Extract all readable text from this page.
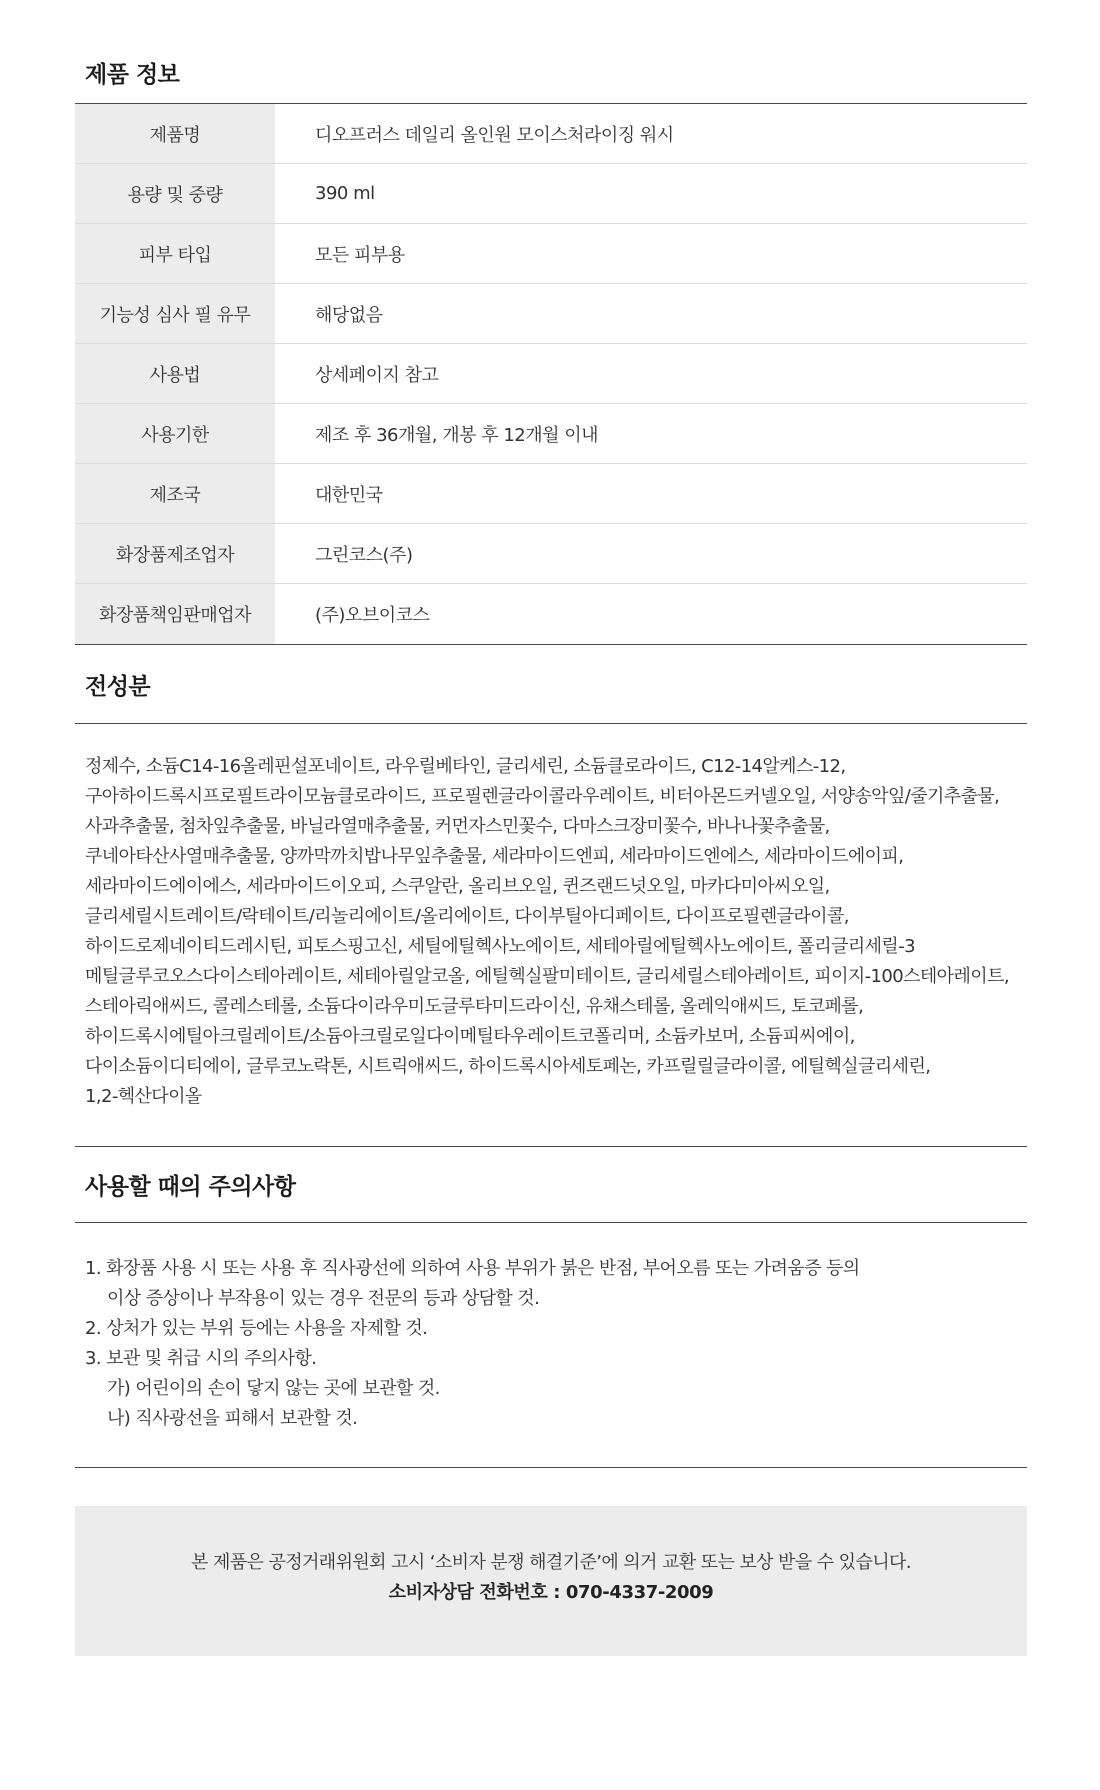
제품 정보
제품명	디오프러스 데일리 올인원 모이스처라이징 워시
용량 및 중량	390 ml
피부 타입	모든 피부용
기능성 심사 필 유무	해당없음
사용법	상세페이지 참고
사용기한	제조 후 36개월, 개봉 후 12개월 이내
제조국	대한민국
화장품제조업자	그린코스(주)
화장품책임판매업자	(주)오브이코스
전성분
정제수, 소듐C14-16올레핀설포네이트, 라우릴베타인, 글리세린, 소듐클로라이드, C12-14알케스-12,
구아하이드록시프로필트라이모늄클로라이드, 프로필렌글라이콜라우레이트, 비터아몬드커넬오일, 서양송악잎/줄기추출물,
사과추출물, 첨차잎추출물, 바닐라열매추출물, 커먼자스민꽃수, 다마스크장미꽃수, 바나나꽃추출물,
쿠네아타산사열매추출물, 양까막까치밥나무잎추출물, 세라마이드엔피, 세라마이드엔에스, 세라마이드에이피,
세라마이드에이에스, 세라마이드이오피, 스쿠알란, 올리브오일, 퀸즈랜드넛오일, 마카다미아씨오일,
글리세릴시트레이트/락테이트/리놀리에이트/올리에이트, 다이부틸아디페이트, 다이프로필렌글라이콜,
하이드로제네이티드레시틴, 피토스핑고신, 세틸에틸헥사노에이트, 세테아릴에틸헥사노에이트, 폴리글리세릴-3
메틸글루코오스다이스테아레이트, 세테아릴알코올, 에틸헥실팔미테이트, 글리세릴스테아레이트, 피이지-100스테아레이트,
스테아릭애씨드, 콜레스테롤, 소듐다이라우미도글루타미드라이신, 유채스테롤, 올레익애씨드, 토코페롤,
하이드록시에틸아크릴레이트/소듐아크릴로일다이메틸타우레이트코폴리머, 소듐카보머, 소듐피씨에이,
다이소듐이디티에이, 글루코노락톤, 시트릭애씨드, 하이드록시아세토페논, 카프릴릴글라이콜, 에틸헥실글리세린,
1,2-헥산다이올
사용할 때의 주의사항
1. 화장품 사용 시 또는 사용 후 직사광선에 의하여 사용 부위가 붉은 반점, 부어오름 또는 가려움증 등의
이상 증상이나 부작용이 있는 경우 전문의 등과 상담할 것.
2. 상처가 있는 부위 등에는 사용을 자제할 것.
3. 보관 및 취급 시의 주의사항.
가) 어린이의 손이 닿지 않는 곳에 보관할 것.
나) 직사광선을 피해서 보관할 것.
본 제품은 공정거래위원회 고시 ‘소비자 분쟁 해결기준’에 의거 교환 또는 보상 받을 수 있습니다.
소비자상담 전화번호 : 070-4337-2009
